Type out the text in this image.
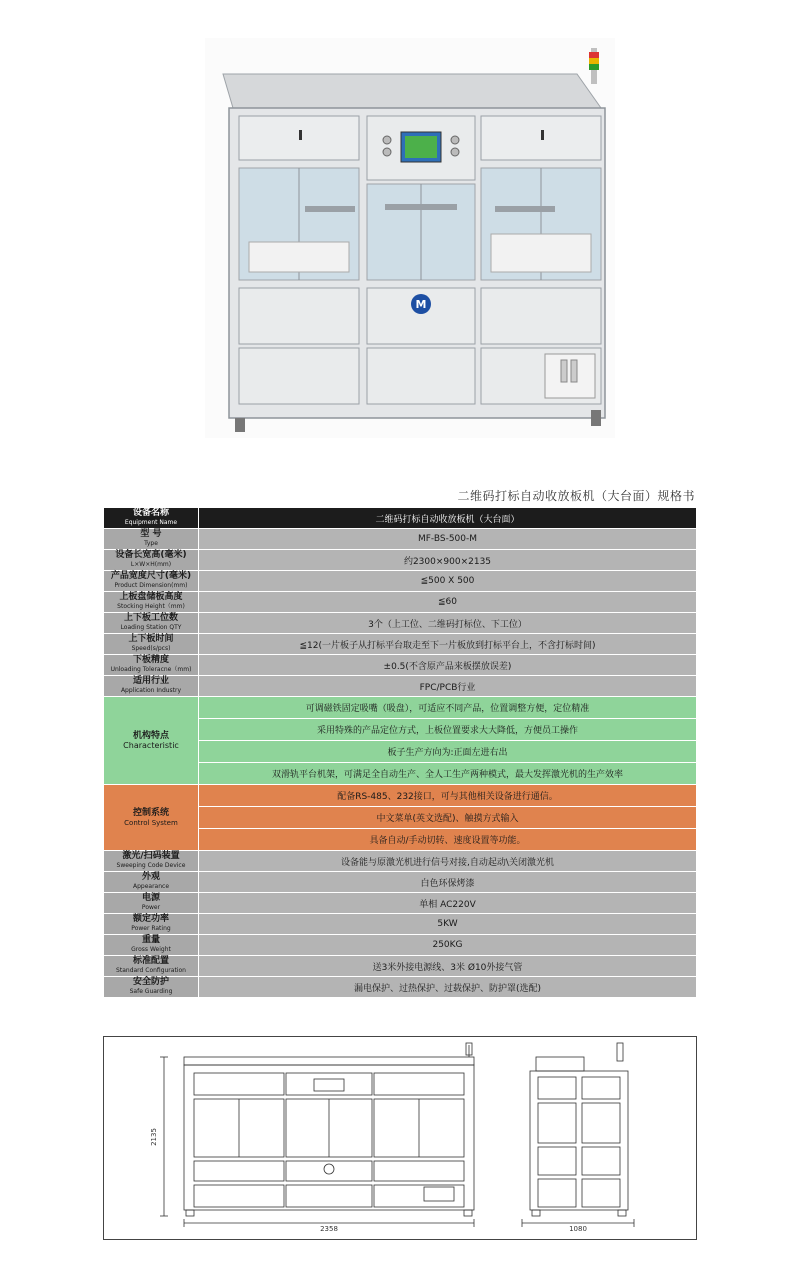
M
二维码打标自动收放板机（大台面）规格书
设备名称
Equipment Name	二维码打标自动收放板机（大台面）

型 号
Type	MF-BS-500-M

设备长宽高(毫米)
L×W×H(mm)	约2300×900×2135

产品宽度尺寸(毫米)
Product Dimension(mm)	≦500 X 500

上板盘储板高度
Stocking Height（mm)	≦60

上下板工位数
Loading Station QTY	3个（上工位、二维码打标位、下工位）

上下板时间
Speed(s/pcs)	≦12(一片板子从打标平台取走至下一片板放到打标平台上，不含打标时间)

下板精度
Unloading Toleracne（mm)	±0.5(不含原产品来板摆放误差)

适用行业
Application Industry	FPC/PCB行业

机构特点
Characteristic	可调磁铁固定吸嘴（吸盘），可适应不同产品，位置调整方便，定位精准
	采用特殊的产品定位方式，上板位置要求大大降低，方便员工操作
	板子生产方向为:正面左进右出
	双滑轨平台机架，可满足全自动生产、全人工生产两种模式，最大发挥激光机的生产效率

控制系统
Control System	配备RS-485、232接口，可与其他相关设备进行通信。
	中文菜单(英文选配)、触摸方式输入
	具备自动/手动切转、速度设置等功能。

激光/扫码装置
Sweeping Code Device	设备能与原激光机进行信号对接,自动起动\关闭激光机

外观
Appearance	白色环保烤漆

电源
Power	单相 AC220V

额定功率
Power Rating	5KW

重量
Gross Weight	250KG

标准配置
Standard Configuration	送3米外接电源线、3米 Ø10外接气管

安全防护
Safe Guarding	漏电保护、过热保护、过载保护、防护罩(选配)
2358
2135
1080
